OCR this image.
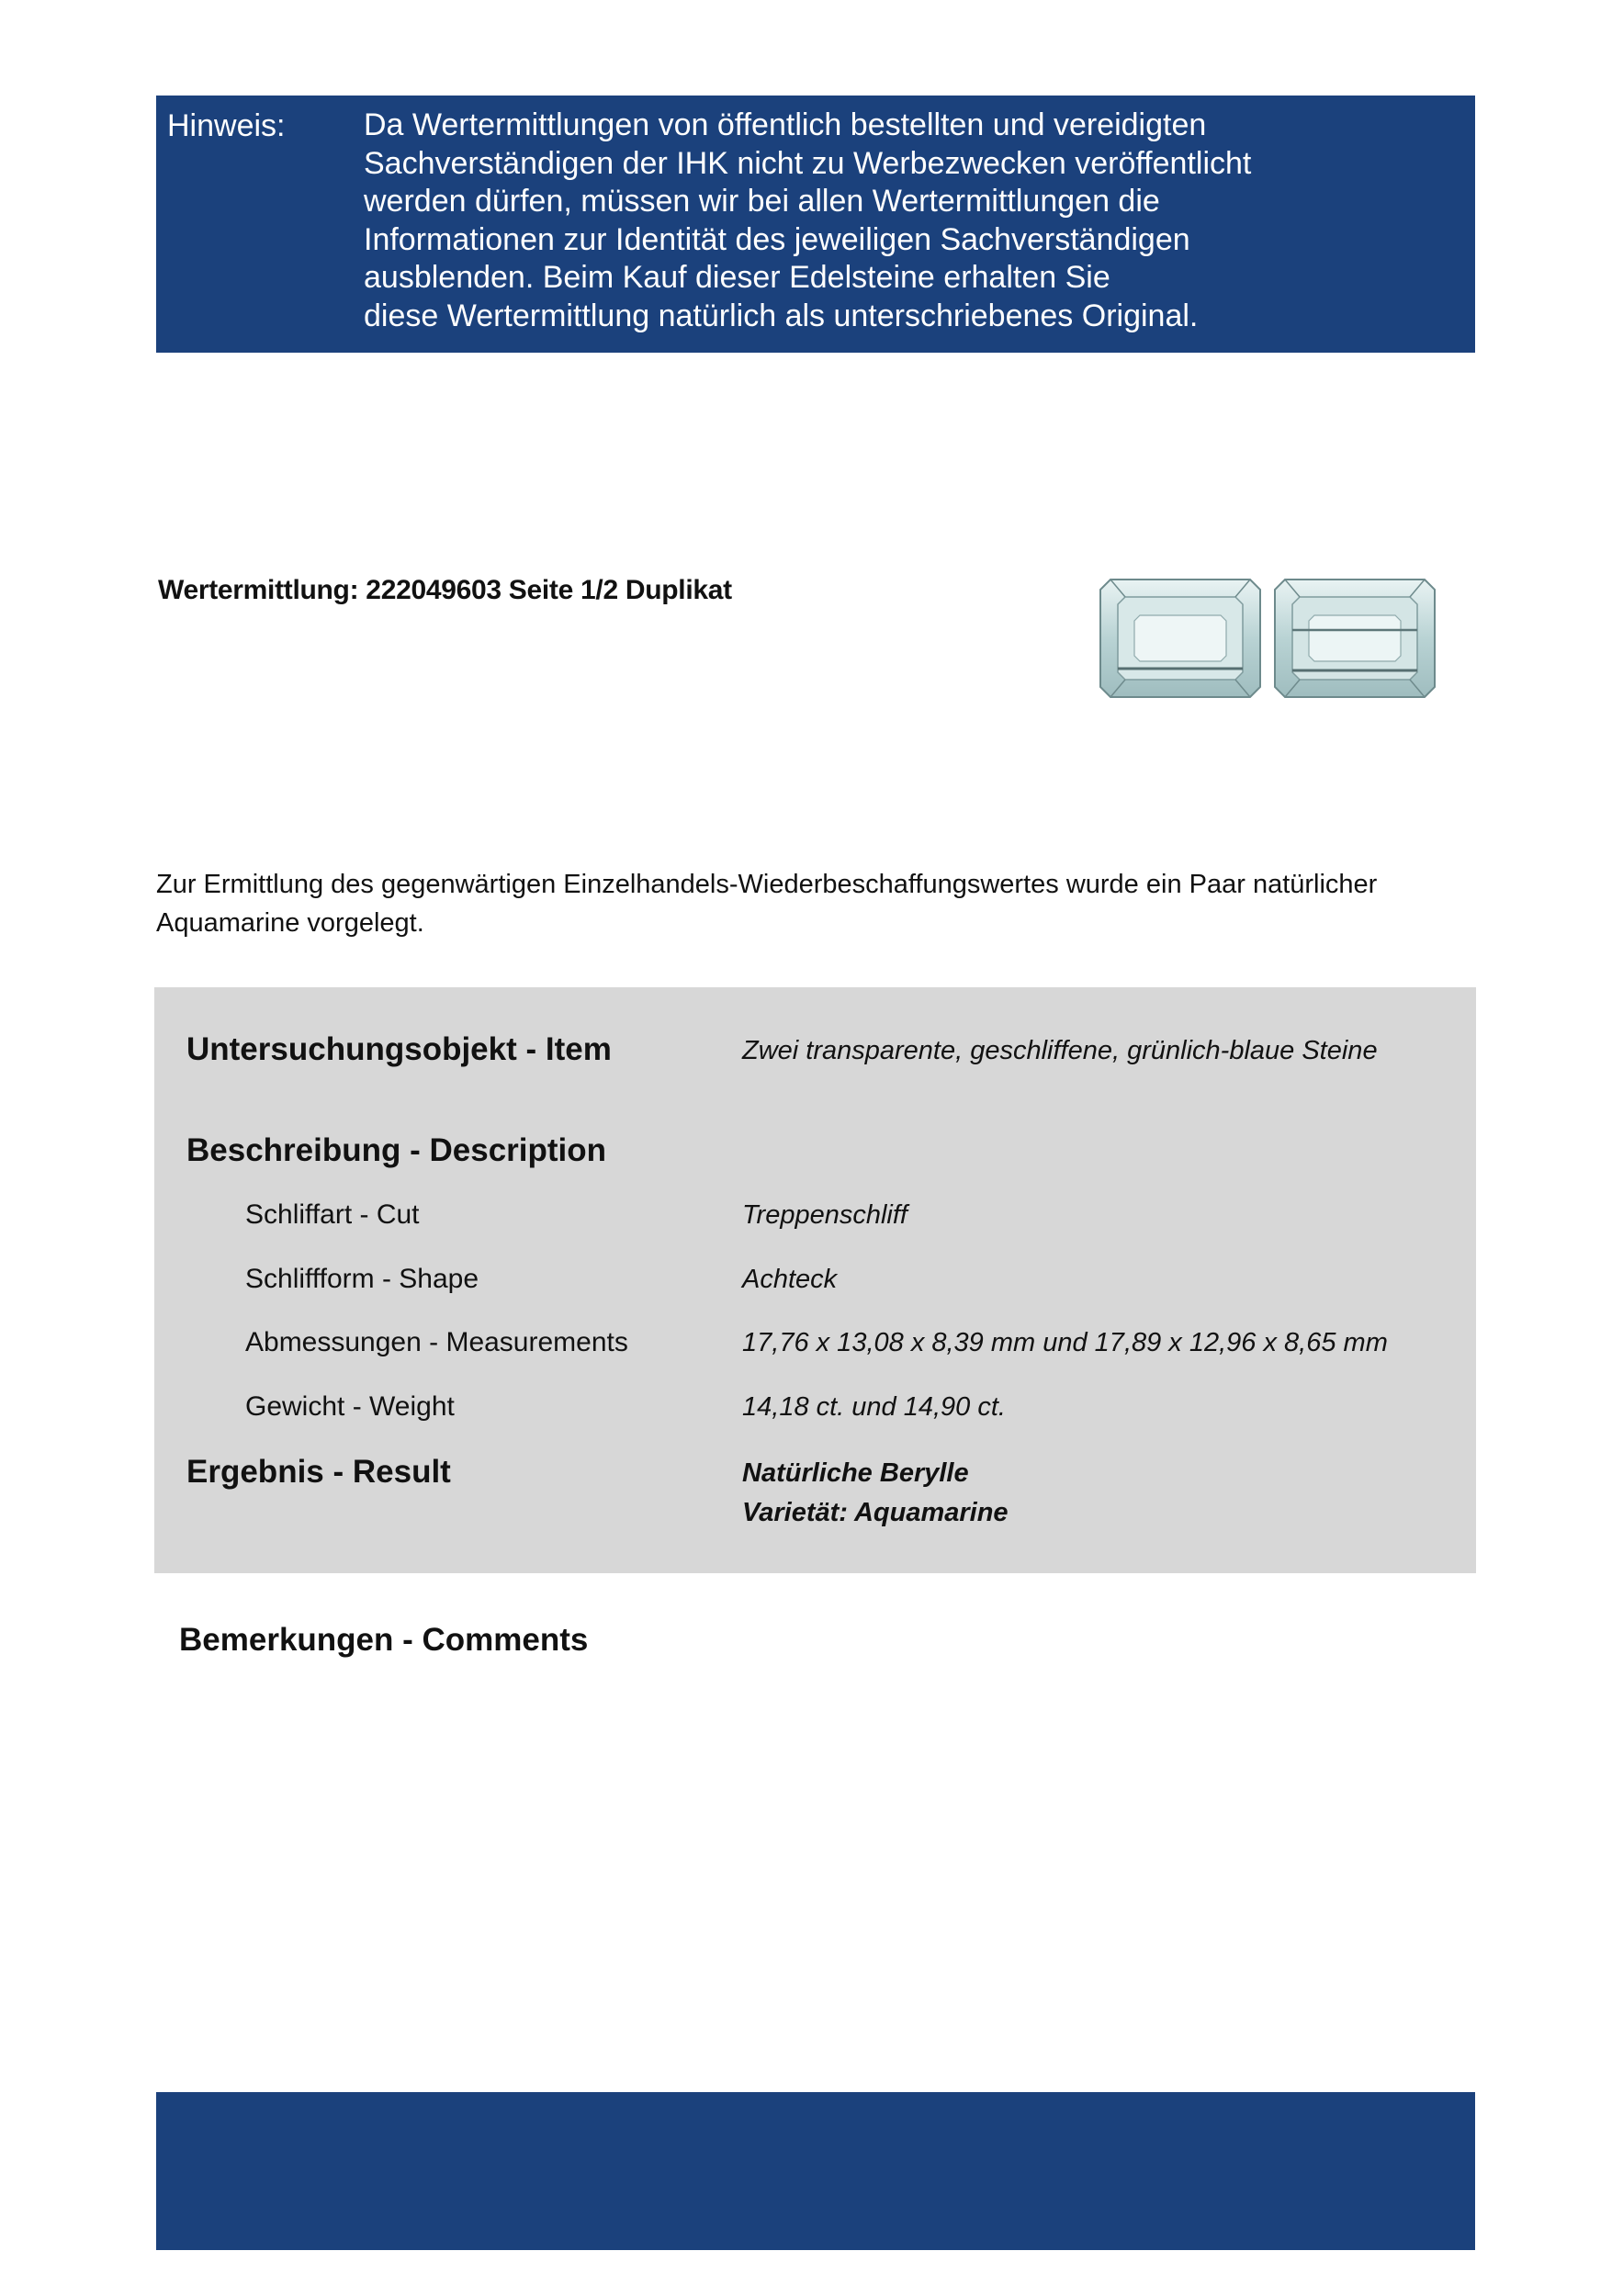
Hinweis:	Da Wertermittlungen von öffentlich bestellten und vereidigten
Sachverständigen der IHK nicht zu Werbezwecken veröffentlicht
werden dürfen, müssen wir bei allen Wertermittlungen die
Informationen zur Identität des jeweiligen Sachverständigen
ausblenden. Beim Kauf dieser Edelsteine erhalten Sie
diese Wertermittlung natürlich als unterschriebenes Original.
Wertermittlung: 222049603 Seite 1/2 Duplikat
Zur Ermittlung des gegenwärtigen Einzelhandels-Wiederbeschaffungswertes wurde ein Paar natürlicher
Aquamarine vorgelegt.
Untersuchungsobjekt - Item	Zwei transparente, geschliffene, grünlich-blaue Steine
Beschreibung - Description
Schliffart - Cut	Treppenschliff
Schliffform - Shape	Achteck
Abmessungen - Measurements	17,76 x 13,08 x 8,39 mm und 17,89 x 12,96 x 8,65 mm
Gewicht - Weight	14,18 ct. und 14,90 ct.
Ergebnis - Result	Natürliche Berylle
Varietät: Aquamarine
Bemerkungen - Comments
